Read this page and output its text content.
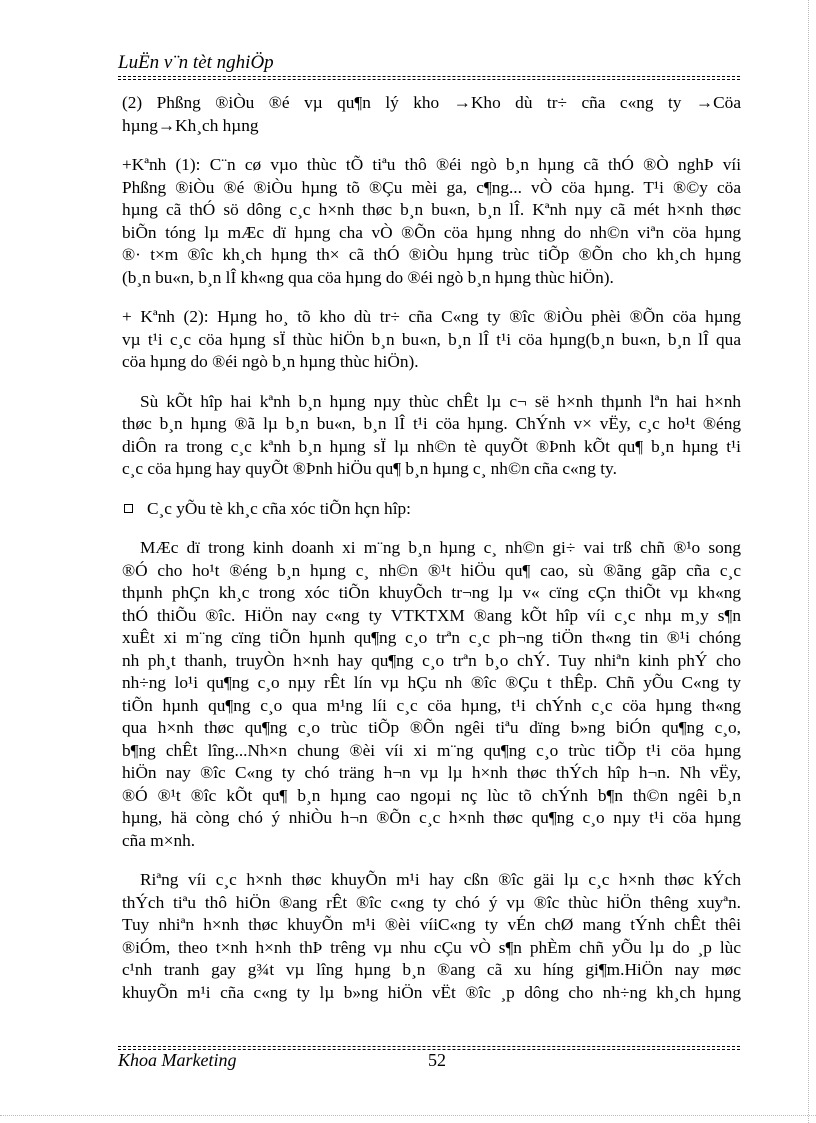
LuËn v¨n tèt nghiÖp
(2) Phßng ®iÒu ®é vµ qu¶n lý kho →Kho dù tr÷ cña c«ng ty →Cöa
hµng→Kh¸ch hµng
+Kªnh (1): C¨n cø vµo thùc tÕ tiªu thô ®éi ngò b¸n hµng cã thÓ ®Ò nghÞ víi
Phßng ®iÒu ®é ®iÒu hµng tõ ®Çu mèi ga, c¶ng... vÒ cöa hµng. T¹i ®©y cöa
hµng cã thÓ sö dông c¸c h×nh thøc b¸n bu«n, b¸n lÎ. Kªnh nµy cã mét h×nh thøc
biÕn tóng lµ mÆc dï hµng cha vÒ ®Õn cöa hµng nhng do nh©n viªn cöa hµng
®· t×m ®îc kh¸ch hµng th× cã thÓ ®iÒu hµng trùc tiÕp ®Õn cho kh¸ch hµng
(b¸n bu«n, b¸n lÎ kh«ng qua cöa hµng do ®éi ngò b¸n hµng thùc hiÖn).
+ Kªnh (2): Hµng ho¸ tõ kho dù tr÷ cña C«ng ty ®îc ®iÒu phèi ®Õn cöa hµng
vµ t¹i c¸c cöa hµng sÏ thùc hiÖn b¸n bu«n, b¸n lÎ t¹i cöa hµng(b¸n bu«n, b¸n lÎ qua
cöa hµng do ®éi ngò b¸n hµng thùc hiÖn).
Sù kÕt hîp hai kªnh b¸n hµng nµy thùc chÊt lµ c¬ së h×nh thµnh lªn hai h×nh
thøc b¸n hµng ®ã lµ b¸n bu«n, b¸n lÎ t¹i cöa hµng. ChÝnh v× vËy, c¸c ho¹t ®éng
diÔn ra trong c¸c kªnh b¸n hµng sÏ lµ nh©n tè quyÕt ®Þnh kÕt qu¶ b¸n hµng t¹i
c¸c cöa hµng hay quyÕt ®Þnh hiÖu qu¶ b¸n hµng c¸ nh©n cña c«ng ty.
C¸c yÕu tè kh¸c cña xóc tiÕn hçn hîp:
MÆc dï trong kinh doanh xi m¨ng b¸n hµng c¸ nh©n gi÷ vai trß chñ ®¹o song
®Ó cho ho¹t ®éng b¸n hµng c¸ nh©n ®¹t hiÖu qu¶ cao, sù ®ãng gãp cña c¸c
thµnh phÇn kh¸c trong xóc tiÕn khuyÕch tr¬ng lµ v« cïng cÇn thiÕt vµ kh«ng
thÓ thiÕu ®îc. HiÖn nay c«ng ty VTKTXM ®ang kÕt hîp víi c¸c nhµ m¸y s¶n
xuÊt xi m¨ng cïng tiÕn hµnh qu¶ng c¸o trªn c¸c ph¬ng tiÖn th«ng tin ®¹i chóng
nh ph¸t thanh, truyÒn h×nh hay qu¶ng c¸o trªn b¸o chÝ. Tuy nhiªn kinh phÝ cho
nh÷ng lo¹i qu¶ng c¸o nµy rÊt lín vµ hÇu nh ®îc ®Çu t thÊp. Chñ yÕu C«ng ty
tiÕn hµnh qu¶ng c¸o qua m¹ng líi c¸c cöa hµng, t¹i chÝnh c¸c cöa hµng th«ng
qua h×nh thøc qu¶ng c¸o trùc tiÕp ®Õn ngêi tiªu dïng b»ng biÓn qu¶ng c¸o,
b¶ng chÊt lîng...Nh×n chung ®èi víi xi m¨ng qu¶ng c¸o trùc tiÕp t¹i cöa hµng
hiÖn nay ®îc C«ng ty chó träng h¬n vµ lµ h×nh thøc thÝch hîp h¬n. Nh vËy,
®Ó ®¹t ®îc kÕt qu¶ b¸n hµng cao ngoµi nç lùc tõ chÝnh b¶n th©n ngêi b¸n
hµng, hä còng chó ý nhiÒu h¬n ®Õn c¸c h×nh thøc qu¶ng c¸o nµy t¹i cöa hµng
cña m×nh.
Riªng víi c¸c h×nh thøc khuyÕn m¹i hay cßn ®îc gäi lµ c¸c h×nh thøc kÝch
thÝch tiªu thô hiÖn ®ang rÊt ®îc c«ng ty chó ý vµ ®îc thùc hiÖn thêng xuyªn.
Tuy nhiªn h×nh thøc khuyÕn m¹i ®èi víiC«ng ty vÉn chØ mang tÝnh chÊt thêi
®iÓm, theo t×nh h×nh thÞ trêng vµ nhu cÇu vÒ s¶n phÈm chñ yÕu lµ do ¸p lùc
c¹nh tranh gay g¾t vµ lîng hµng b¸n ®ang cã xu híng gi¶m.HiÖn nay møc
khuyÕn m¹i cña c«ng ty lµ b»ng hiÖn vËt ®îc ¸p dông cho nh÷ng kh¸ch hµng
Khoa Marketing	52
